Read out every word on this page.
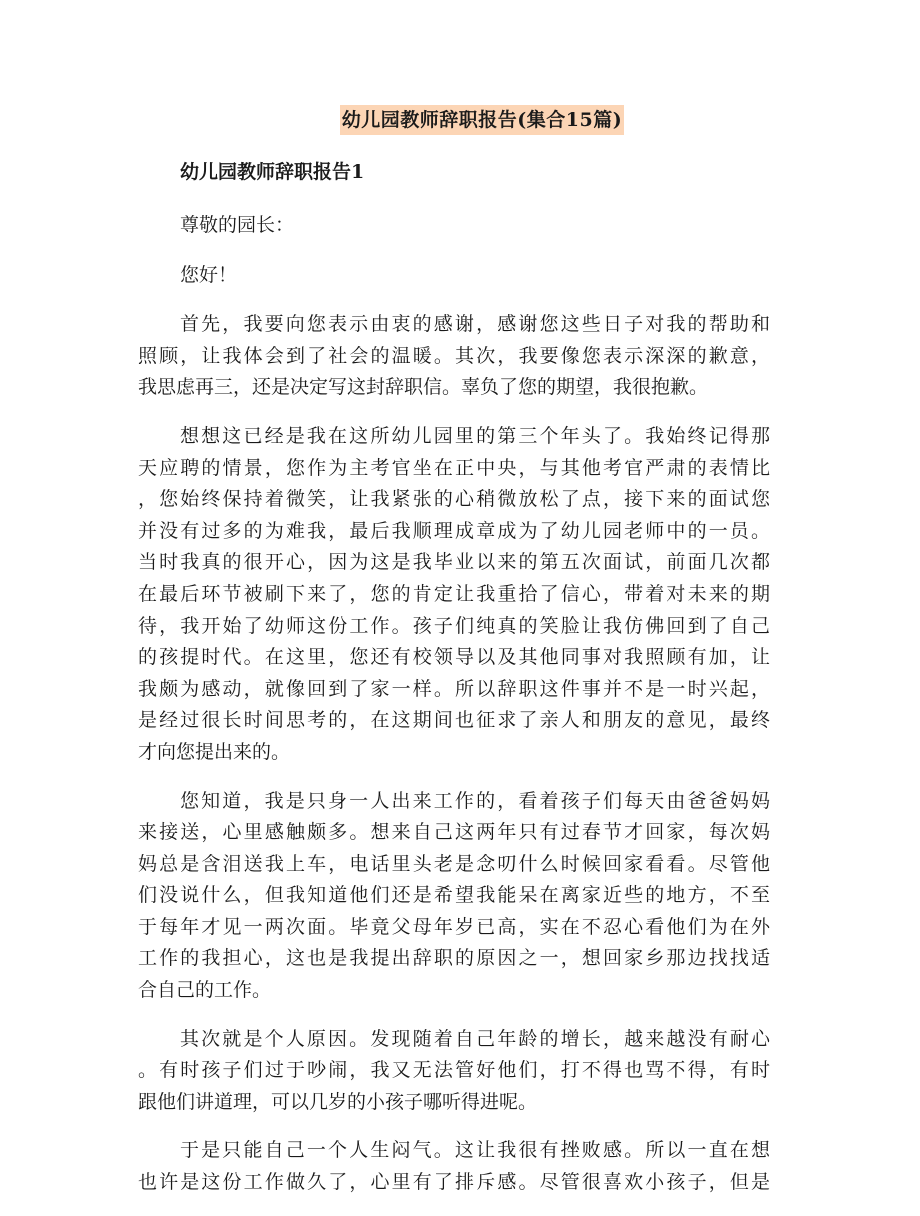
幼儿园教师辞职报告(集合15篇)
幼儿园教师辞职报告1
尊敬的园长：
您好！
首先，我要向您表示由衷的感谢，感谢您这些日子对我的帮助和
照顾，让我体会到了社会的温暖。其次，我要像您表示深深的歉意，
我思虑再三，还是决定写这封辞职信。辜负了您的期望，我很抱歉。
想想这已经是我在这所幼儿园里的第三个年头了。我始终记得那
天应聘的情景，您作为主考官坐在正中央，与其他考官严肃的表情比
，您始终保持着微笑，让我紧张的心稍微放松了点，接下来的面试您
并没有过多的为难我，最后我顺理成章成为了幼儿园老师中的一员。
当时我真的很开心，因为这是我毕业以来的第五次面试，前面几次都
在最后环节被刷下来了，您的肯定让我重拾了信心，带着对未来的期
待，我开始了幼师这份工作。孩子们纯真的笑脸让我仿佛回到了自己
的孩提时代。在这里，您还有校领导以及其他同事对我照顾有加，让
我颇为感动，就像回到了家一样。所以辞职这件事并不是一时兴起，
是经过很长时间思考的，在这期间也征求了亲人和朋友的意见，最终
才向您提出来的。
您知道，我是只身一人出来工作的，看着孩子们每天由爸爸妈妈
来接送，心里感触颇多。想来自己这两年只有过春节才回家，每次妈
妈总是含泪送我上车，电话里头老是念叨什么时候回家看看。尽管他
们没说什么，但我知道他们还是希望我能呆在离家近些的地方，不至
于每年才见一两次面。毕竟父母年岁已高，实在不忍心看他们为在外
工作的我担心，这也是我提出辞职的原因之一，想回家乡那边找找适
合自己的工作。
其次就是个人原因。发现随着自己年龄的增长，越来越没有耐心
。有时孩子们过于吵闹，我又无法管好他们，打不得也骂不得，有时
跟他们讲道理，可以几岁的小孩子哪听得进呢。
于是只能自己一个人生闷气。这让我很有挫败感。所以一直在想
也许是这份工作做久了，心里有了排斥感。尽管很喜欢小孩子，但是
